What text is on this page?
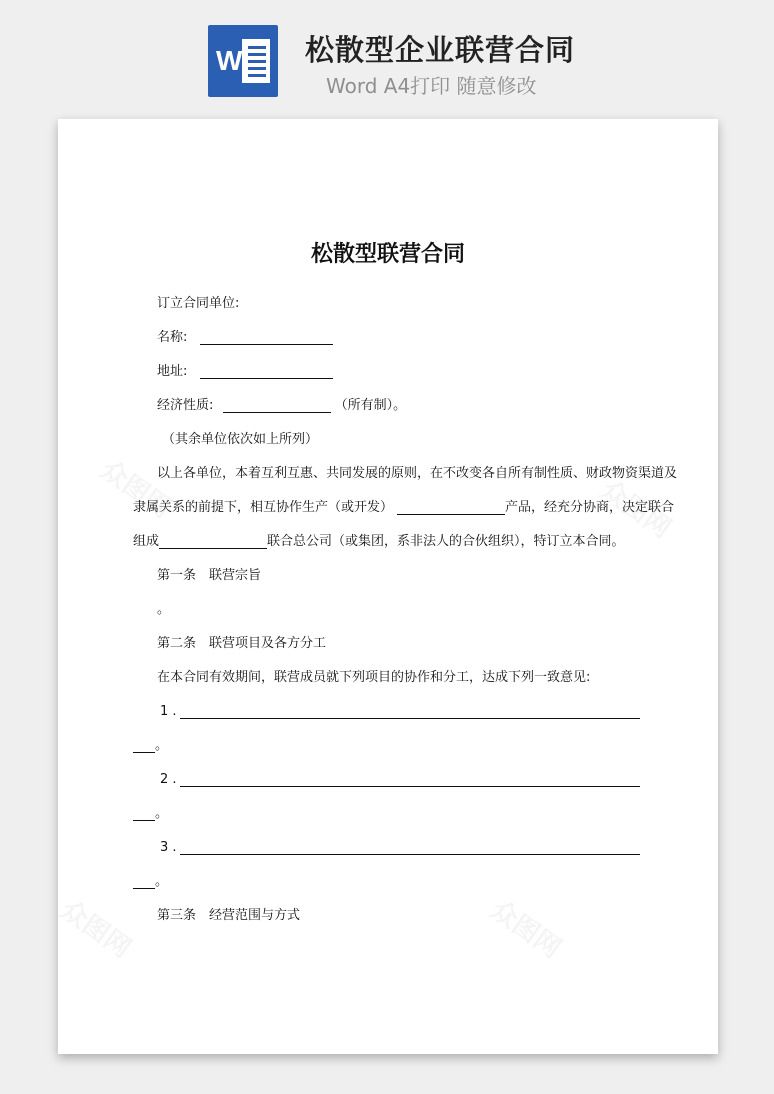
W 松散型企业联营合同
Word A4打印 随意修改
松散型联营合同
订立合同单位:
名称:
地址:
经济性质:	（所有制）。
（其余单位依次如上所列）
以上各单位，本着互利互惠、共同发展的原则，在不改变各自所有制性质、财政物资渠道及
隶属关系的前提下，相互协作生产（或开发）	产品，经充分协商，决定联合
组成	联合总公司（或集团，系非法人的合伙组织），特订立本合同。
第一条　联营宗旨
。
第二条　联营项目及各方分工
在本合同有效期间，联营成员就下列项目的协作和分工，达成下列一致意见:
1 .
。
2 .
。
3 .
。
第三条　经营范围与方式
